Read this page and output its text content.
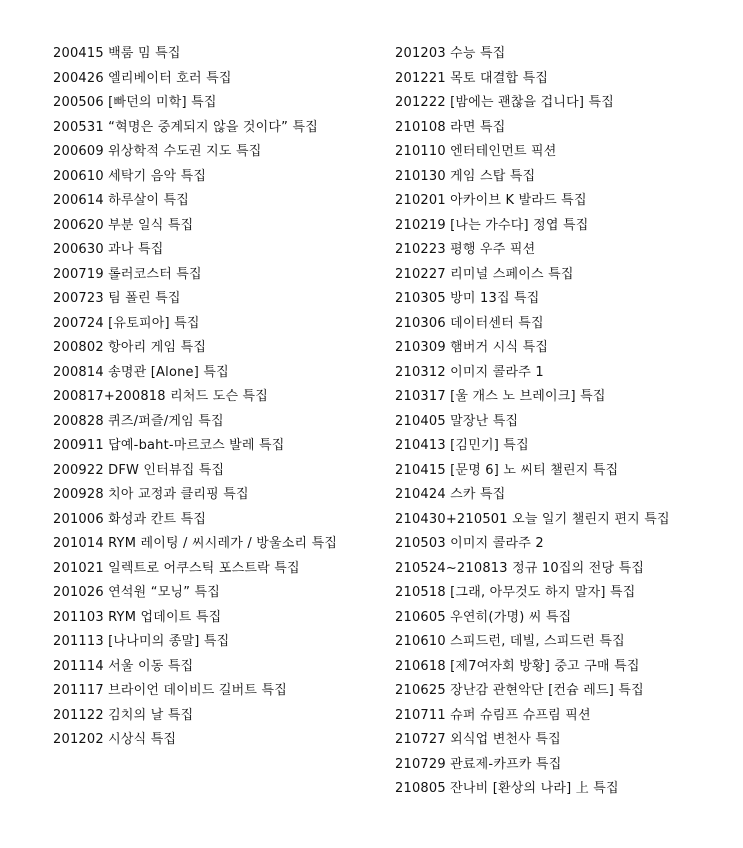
200415 백룸 밈 특집
200426 엘리베이터 호러 특집
200506 [빠던의 미학] 특집
200531 “혁명은 중계되지 않을 것이다” 특집
200609 위상학적 수도권 지도 특집
200610 세탁기 음악 특집
200614 하루살이 특집
200620 부분 일식 특집
200630 과나 특집
200719 롤러코스터 특집
200723 팀 폴린 특집
200724 [유토피아] 특집
200802 항아리 게임 특집
200814 송명관 [Alone] 특집
200817+200818 리처드 도슨 특집
200828 퀴즈/퍼즐/게임 특집
200911 답예-baht-마르코스 발레 특집
200922 DFW 인터뷰집 특집
200928 치아 교정과 클리핑 특집
201006 화성과 칸트 특집
201014 RYM 레이팅 / 씨시레가 / 방울소리 특집
201021 일렉트로 어쿠스틱 포스트락 특집
201026 연석원 “모닝” 특집
201103 RYM 업데이트 특집
201113 [나나미의 종말] 특집
201114 서울 이동 특집
201117 브라이언 데이비드 길버트 특집
201122 김치의 날 특집
201202 시상식 특집
201203 수능 특집
201221 목토 대결합 특집
201222 [밤에는 괜찮을 겁니다] 특집
210108 라면 특집
210110 엔터테인먼트 픽션
210130 게임 스탑 특집
210201 아카이브 K 발라드 특집
210219 [나는 가수다] 정엽 특집
210223 평행 우주 픽션
210227 리미널 스페이스 특집
210305 방미 13집 특집
210306 데이터센터 특집
210309 햄버거 시식 특집
210312 이미지 콜라주 1
210317 [울 개스 노 브레이크] 특집
210405 말장난 특집
210413 [김민기] 특집
210415 [문명 6] 노 씨티 챌린지 특집
210424 스카 특집
210430+210501 오늘 일기 챌린지 편지 특집
210503 이미지 콜라주 2
210524~210813 정규 10집의 전당 특집
210518 [그래, 아무것도 하지 말자] 특집
210605 우연히(가명) 씨 특집
210610 스피드런, 데빌, 스피드런 특집
210618 [제7여자회 방황] 중고 구매 특집
210625 장난감 관현악단 [컨슘 레드] 특집
210711 슈퍼 슈림프 슈프림 픽션
210727 외식업 변천사 특집
210729 관료제-카프카 특집
210805 잔나비 [환상의 나라] 上 특집
